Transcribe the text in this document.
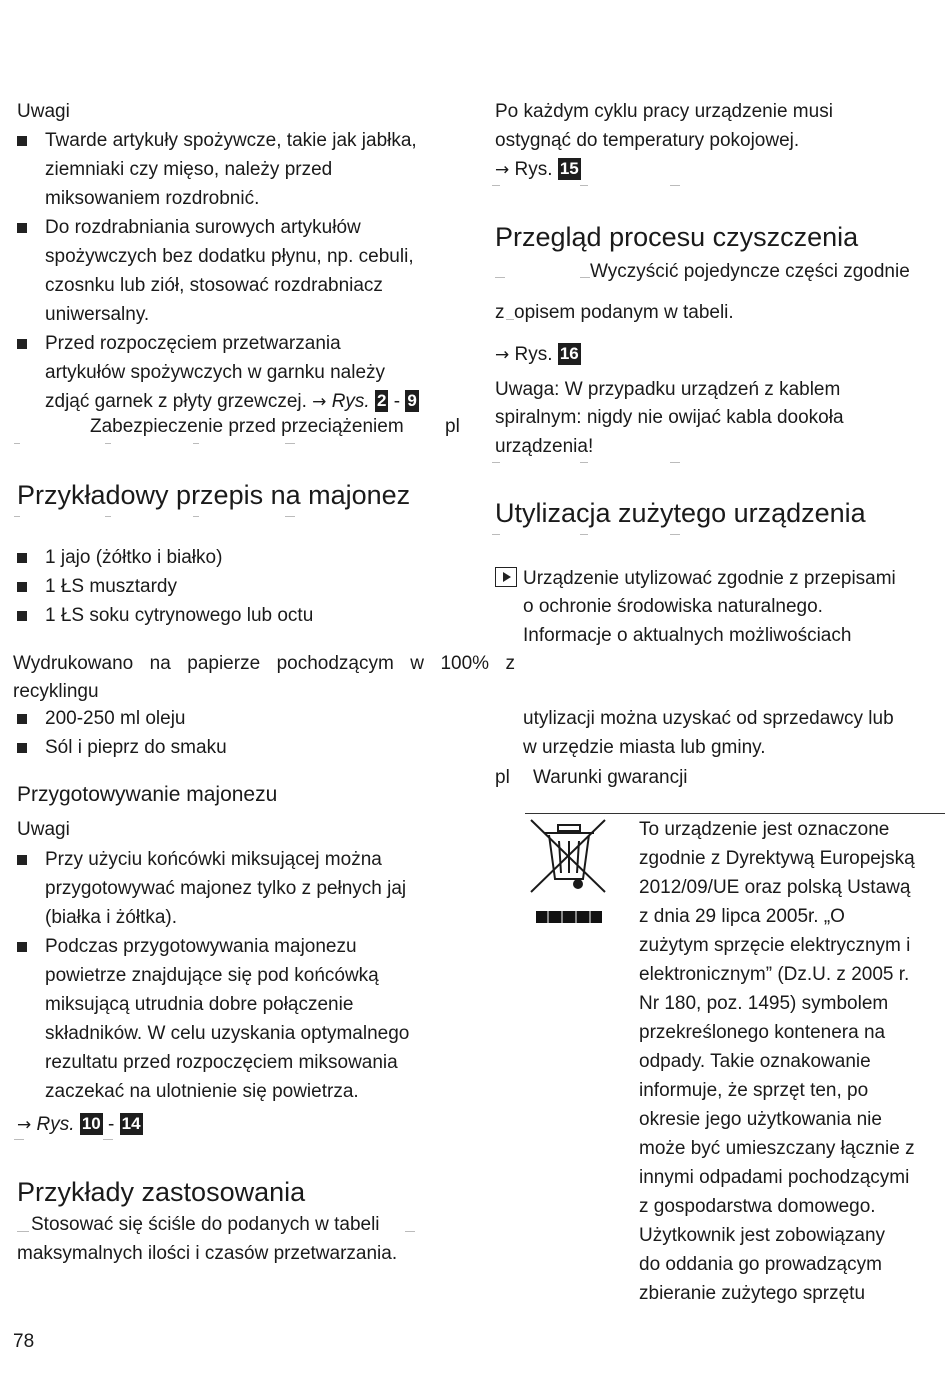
Uwagi
Twarde artykuły spożywcze, takie jak jabłka,
ziemniaki czy mięso, należy przed
miksowaniem rozdrobnić.
Do rozdrabniania surowych artykułów
spożywczych bez dodatku płynu, np. cebuli,
czosnku lub ziół, stosować rozdrabniacz
uniwersalny.
Przed rozpoczęciem przetwarzania
artykułów spożywczych w garnku należy
zdjąć garnek z płyty grzewczej. → Rys. 2 - 9
Zabezpieczenie przed przeciążeniem pl
Przykładowy przepis na majonez
1 jajo (żółtko i białko)
1 ŁS musztardy
1 ŁS soku cytrynowego lub octu
Wydrukowano na papierze pochodzącym w 100% z
recyklingu
200-250 ml oleju
Sól i pieprz do smaku
Przygotowywanie majonezu
Uwagi
Przy użyciu końcówki miksującej można
przygotowywać majonez tylko z pełnych jaj
(białka i żółtka).
Podczas przygotowywania majonezu
powietrze znajdujące się pod końcówką
miksującą utrudnia dobre połączenie
składników. W celu uzyskania optymalnego
rezultatu przed rozpoczęciem miksowania
zaczekać na ulotnienie się powietrza.
→ Rys. 10 - 14
Przykłady zastosowania
Stosować się ściśle do podanych w tabeli
maksymalnych ilości i czasów przetwarzania.
78
Po każdym cyklu pracy urządzenie musi
ostygnąć do temperatury pokojowej.
→ Rys. 15
Przegląd procesu czyszczenia
Wyczyścić pojedyncze części zgodnie
z opisem podanym w tabeli.
→ Rys. 16
Uwaga: W przypadku urządzeń z kablem
spiralnym: nigdy nie owijać kabla dookoła
urządzenia!
Utylizacja zużytego urządzenia
Urządzenie utylizować zgodnie z przepisami
o ochronie środowiska naturalnego.
Informacje o aktualnych możliwościach
utylizacji można uzyskać od sprzedawcy lub
w urzędzie miasta lub gminy.
pl Warunki gwarancji
To urządzenie jest oznaczone
zgodnie z Dyrektywą Europejską
2012/09/UE oraz polską Ustawą
z dnia 29 lipca 2005r. „O
zużytym sprzęcie elektrycznym i
elektronicznym” (Dz.U. z 2005 r.
Nr 180, poz. 1495) symbolem
przekreślonego kontenera na
odpady. Takie oznakowanie
informuje, że sprzęt ten, po
okresie jego użytkowania nie
może być umieszczany łącznie z
innymi odpadami pochodzącymi
z gospodarstwa domowego.
Użytkownik jest zobowiązany
do oddania go prowadzącym
zbieranie zużytego sprzętu
